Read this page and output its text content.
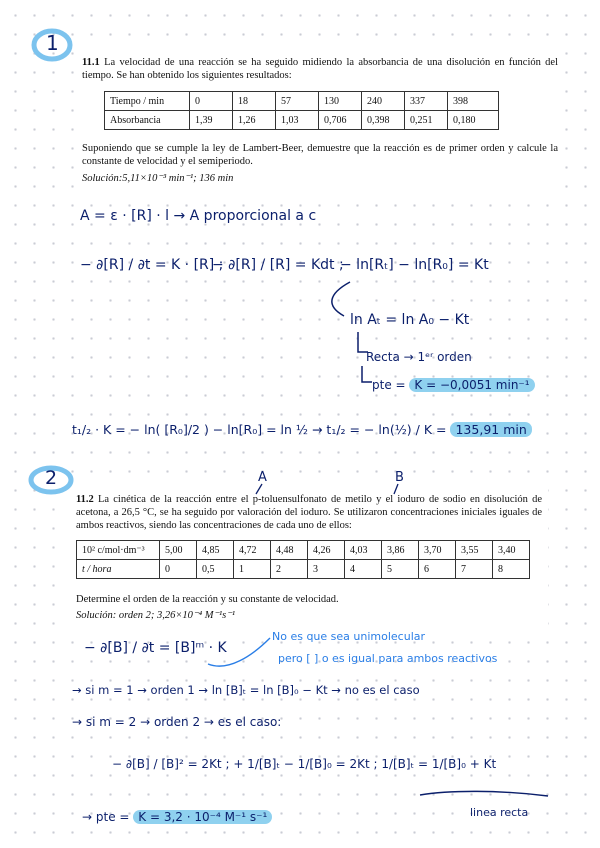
1

11.1 La velocidad de una reacción se ha seguido midiendo la absorbancia de una disolución en función del tiempo. Se han obtenido los siguientes resultados:

Tiempo / min	0	18	57	130	240	337	398
Absorbancia	1,39	1,26	1,03	0,706	0,398	0,251	0,180

Suponiendo que se cumple la ley de Lambert-Beer, demuestre que la reacción es de primer orden y calcule la constante de velocidad y el semiperiodo.

Solución:5,11×10⁻³ min⁻¹; 136 min

A = ε · [R] · l → A proporcional a c
− ∂[R] / ∂t = K · [R] ;
− ∂[R] / [R] = Kdt ;
− ln[Rₜ] − ln[R₀] = Kt
ln Aₜ = ln A₀ − Kt
Recta → 1ᵉʳ orden
pte = K = −0,0051 min⁻¹
t₁/₂ · K = − ln( [R₀]/2 ) − ln[R₀] = ln ½ → t₁/₂ = − ln(½) / K = 135,91 min
2	A	B

11.2 La cinética de la reacción entre el p-toluensulfonato de metilo y el ioduro de sodio en disolución de acetona, a 26,5 °C, se ha seguido por valoración del ioduro. Se utilizaron concentraciones iniciales iguales de ambos reactivos, siendo las concentraciones de cada uno de ellos:

10² c/mol·dm⁻³	5,00	4,85	4,72	4,48	4,26	4,03	3,86	3,70	3,55	3,40
t / hora	0	0,5	1	2	3	4	5	6	7	8

Determine el orden de la reacción y su constante de velocidad.

Solución: orden 2; 3,26×10⁻⁴ M⁻¹s⁻¹

− ∂[B] / ∂t = [B]ᵐ · K
No es que sea unimolecular
pero [ ] o es igual para ambos reactivos
→ si m = 1 → orden 1 → ln [B]ₜ = ln [B]₀ − Kt → no es el caso
→ si m = 2 → orden 2 → es el caso:
− ∂[B] / [B]² = 2Kt ; + 1/[B]ₜ − 1/[B]₀ = 2Kt ; 1/[B]ₜ = 1/[B]₀ + Kt
→ pte = K = 3,2 · 10⁻⁴ M⁻¹ s⁻¹	linea recta
